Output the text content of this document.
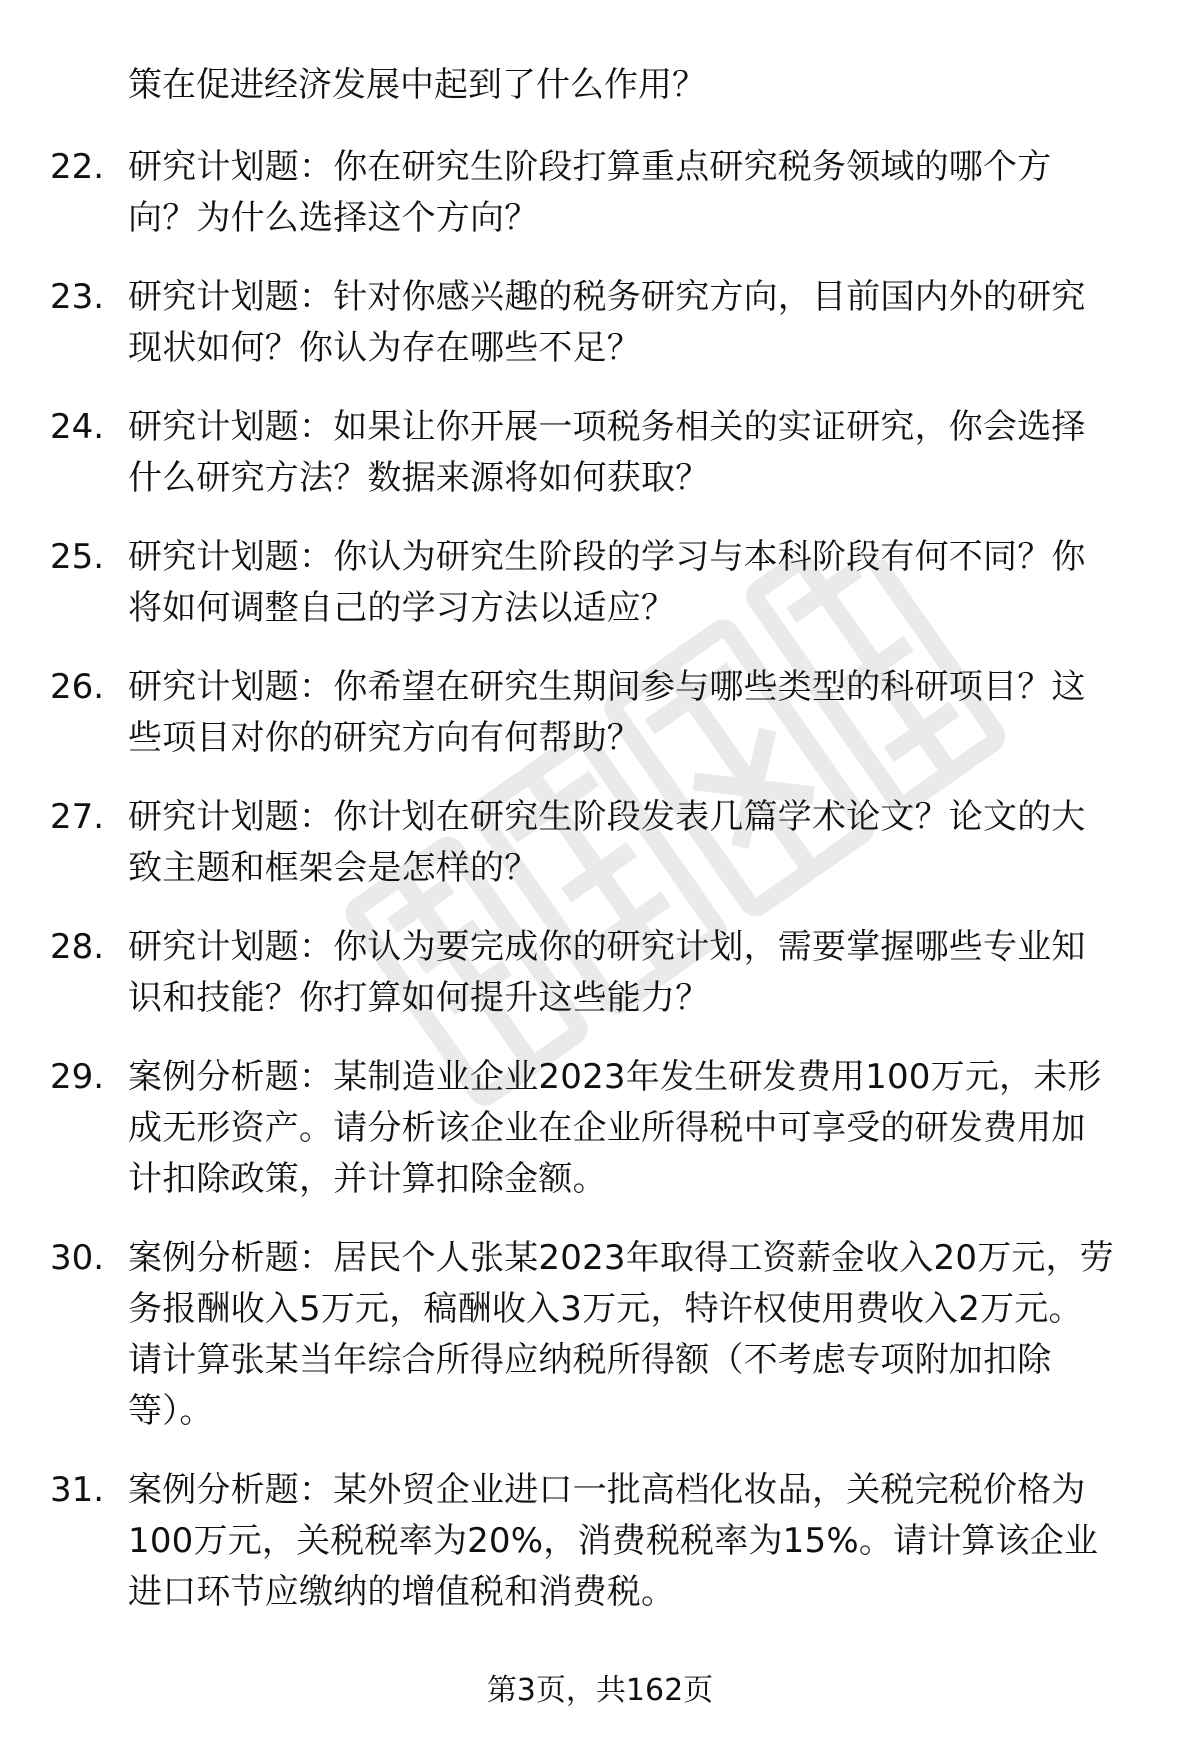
策在促进经济发展中起到了什么作用？
22. 研究计划题：你在研究生阶段打算重点研究税务领域的哪个方
向？为什么选择这个方向？
23. 研究计划题：针对你感兴趣的税务研究方向，目前国内外的研究
现状如何？你认为存在哪些不足？
24. 研究计划题：如果让你开展一项税务相关的实证研究，你会选择
什么研究方法？数据来源将如何获取？
25. 研究计划题：你认为研究生阶段的学习与本科阶段有何不同？你
将如何调整自己的学习方法以适应？
26. 研究计划题：你希望在研究生期间参与哪些类型的科研项目？这
些项目对你的研究方向有何帮助？
27. 研究计划题：你计划在研究生阶段发表几篇学术论文？论文的大
致主题和框架会是怎样的？
28. 研究计划题：你认为要完成你的研究计划，需要掌握哪些专业知
识和技能？你打算如何提升这些能力？
29. 案例分析题：某制造业企业2023年发生研发费用100万元，未形
成无形资产。请分析该企业在企业所得税中可享受的研发费用加
计扣除政策，并计算扣除金额。
30. 案例分析题：居民个人张某2023年取得工资薪金收入20万元，劳
务报酬收入5万元，稿酬收入3万元，特许权使用费收入2万元。
请计算张某当年综合所得应纳税所得额（不考虑专项附加扣除
等）。
31. 案例分析题：某外贸企业进口一批高档化妆品，关税完税价格为
100万元，关税税率为20%，消费税税率为15%。请计算该企业
进口环节应缴纳的增值税和消费税。
第3页，共162页
